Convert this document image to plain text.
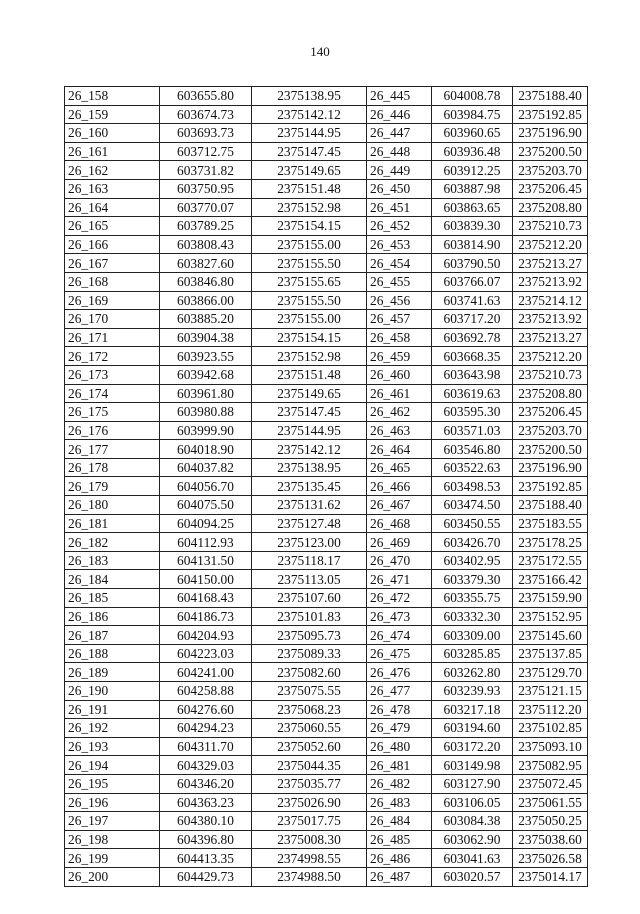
140
26_158	603655.80	2375138.95	26_445	604008.78	2375188.40
26_159	603674.73	2375142.12	26_446	603984.75	2375192.85
26_160	603693.73	2375144.95	26_447	603960.65	2375196.90
26_161	603712.75	2375147.45	26_448	603936.48	2375200.50
26_162	603731.82	2375149.65	26_449	603912.25	2375203.70
26_163	603750.95	2375151.48	26_450	603887.98	2375206.45
26_164	603770.07	2375152.98	26_451	603863.65	2375208.80
26_165	603789.25	2375154.15	26_452	603839.30	2375210.73
26_166	603808.43	2375155.00	26_453	603814.90	2375212.20
26_167	603827.60	2375155.50	26_454	603790.50	2375213.27
26_168	603846.80	2375155.65	26_455	603766.07	2375213.92
26_169	603866.00	2375155.50	26_456	603741.63	2375214.12
26_170	603885.20	2375155.00	26_457	603717.20	2375213.92
26_171	603904.38	2375154.15	26_458	603692.78	2375213.27
26_172	603923.55	2375152.98	26_459	603668.35	2375212.20
26_173	603942.68	2375151.48	26_460	603643.98	2375210.73
26_174	603961.80	2375149.65	26_461	603619.63	2375208.80
26_175	603980.88	2375147.45	26_462	603595.30	2375206.45
26_176	603999.90	2375144.95	26_463	603571.03	2375203.70
26_177	604018.90	2375142.12	26_464	603546.80	2375200.50
26_178	604037.82	2375138.95	26_465	603522.63	2375196.90
26_179	604056.70	2375135.45	26_466	603498.53	2375192.85
26_180	604075.50	2375131.62	26_467	603474.50	2375188.40
26_181	604094.25	2375127.48	26_468	603450.55	2375183.55
26_182	604112.93	2375123.00	26_469	603426.70	2375178.25
26_183	604131.50	2375118.17	26_470	603402.95	2375172.55
26_184	604150.00	2375113.05	26_471	603379.30	2375166.42
26_185	604168.43	2375107.60	26_472	603355.75	2375159.90
26_186	604186.73	2375101.83	26_473	603332.30	2375152.95
26_187	604204.93	2375095.73	26_474	603309.00	2375145.60
26_188	604223.03	2375089.33	26_475	603285.85	2375137.85
26_189	604241.00	2375082.60	26_476	603262.80	2375129.70
26_190	604258.88	2375075.55	26_477	603239.93	2375121.15
26_191	604276.60	2375068.23	26_478	603217.18	2375112.20
26_192	604294.23	2375060.55	26_479	603194.60	2375102.85
26_193	604311.70	2375052.60	26_480	603172.20	2375093.10
26_194	604329.03	2375044.35	26_481	603149.98	2375082.95
26_195	604346.20	2375035.77	26_482	603127.90	2375072.45
26_196	604363.23	2375026.90	26_483	603106.05	2375061.55
26_197	604380.10	2375017.75	26_484	603084.38	2375050.25
26_198	604396.80	2375008.30	26_485	603062.90	2375038.60
26_199	604413.35	2374998.55	26_486	603041.63	2375026.58
26_200	604429.73	2374988.50	26_487	603020.57	2375014.17
